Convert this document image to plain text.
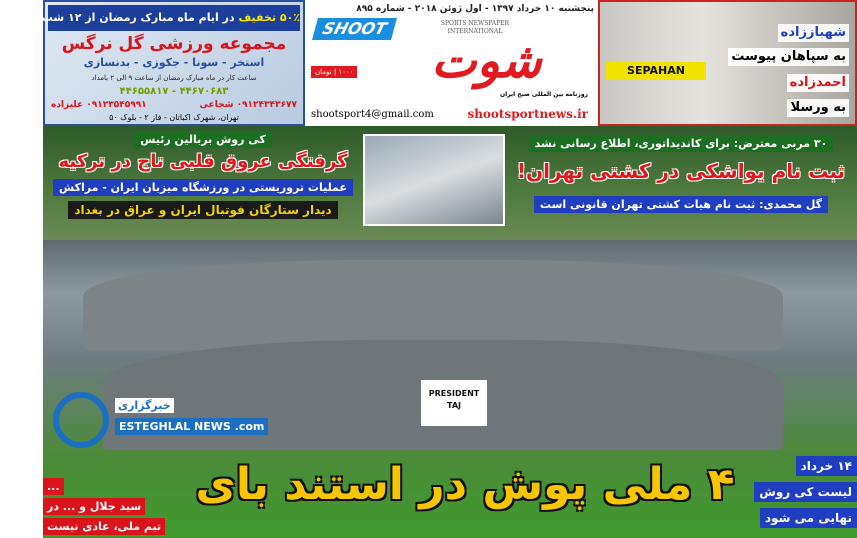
۵۰٪ تخفیف در ایام ماه مبارک رمضان از ۱۲ شب تا سحر
مجموعه ورزشی گل نرگس
استخر - سونا - جکوزی - بدنسازی
ساعت کار در ماه مبارک رمضان از ساعت ۹ الی ۲ بامداد
۴۴۶۷۰۶۸۳ - ۴۴۶۵۵۸۱۷
۰۹۱۲۴۳۴۳۶۷۷ شجاعی
۰۹۱۲۳۵۴۵۹۹۱ علیزاده
تهران، شهرک اکباتان - فاز ۲ - بلوک ۵۰
پنجشنبه ۱۰ خرداد ۱۳۹۷ - اول ژوئن ۲۰۱۸ - شماره ۸۹۵
SHOOT	SPORTS NEWSPAPER INTERNATIONAL
شوت
۱۰۰۰ | تومان
روزنامه بین المللی صبح ایران
shootsport4@gmail.com	shootsportnews.ir
شهباززاده
به سپاهان پیوست
احمدزاده
به ورسلا
SEPAHAN
کی روش بربالین رئیس
گرفتگی عروق قلبی تاج در ترکیه
عملیات تروریستی در ورزشگاه میزبان ایران - مراکش
دیدار ستارگان فوتبال ایران و عراق در بغداد
۳۰ مربی معترض: برای کاندیداتوری، اطلاع رسانی نشد
ثبت نام یواشکی در کشتی تهران!
گل محمدی: ثبت نام هیات کشتی تهران قانونی است
PRESIDENT TAJ
۴ ملی پوش در استند بای
...
سید جلال و ... در
تیم ملی، عادی نیست
۱۴ خرداد
لیست کی روش
نهایی می شود
خبرگزاری
ESTEGHLAL NEWS .com
